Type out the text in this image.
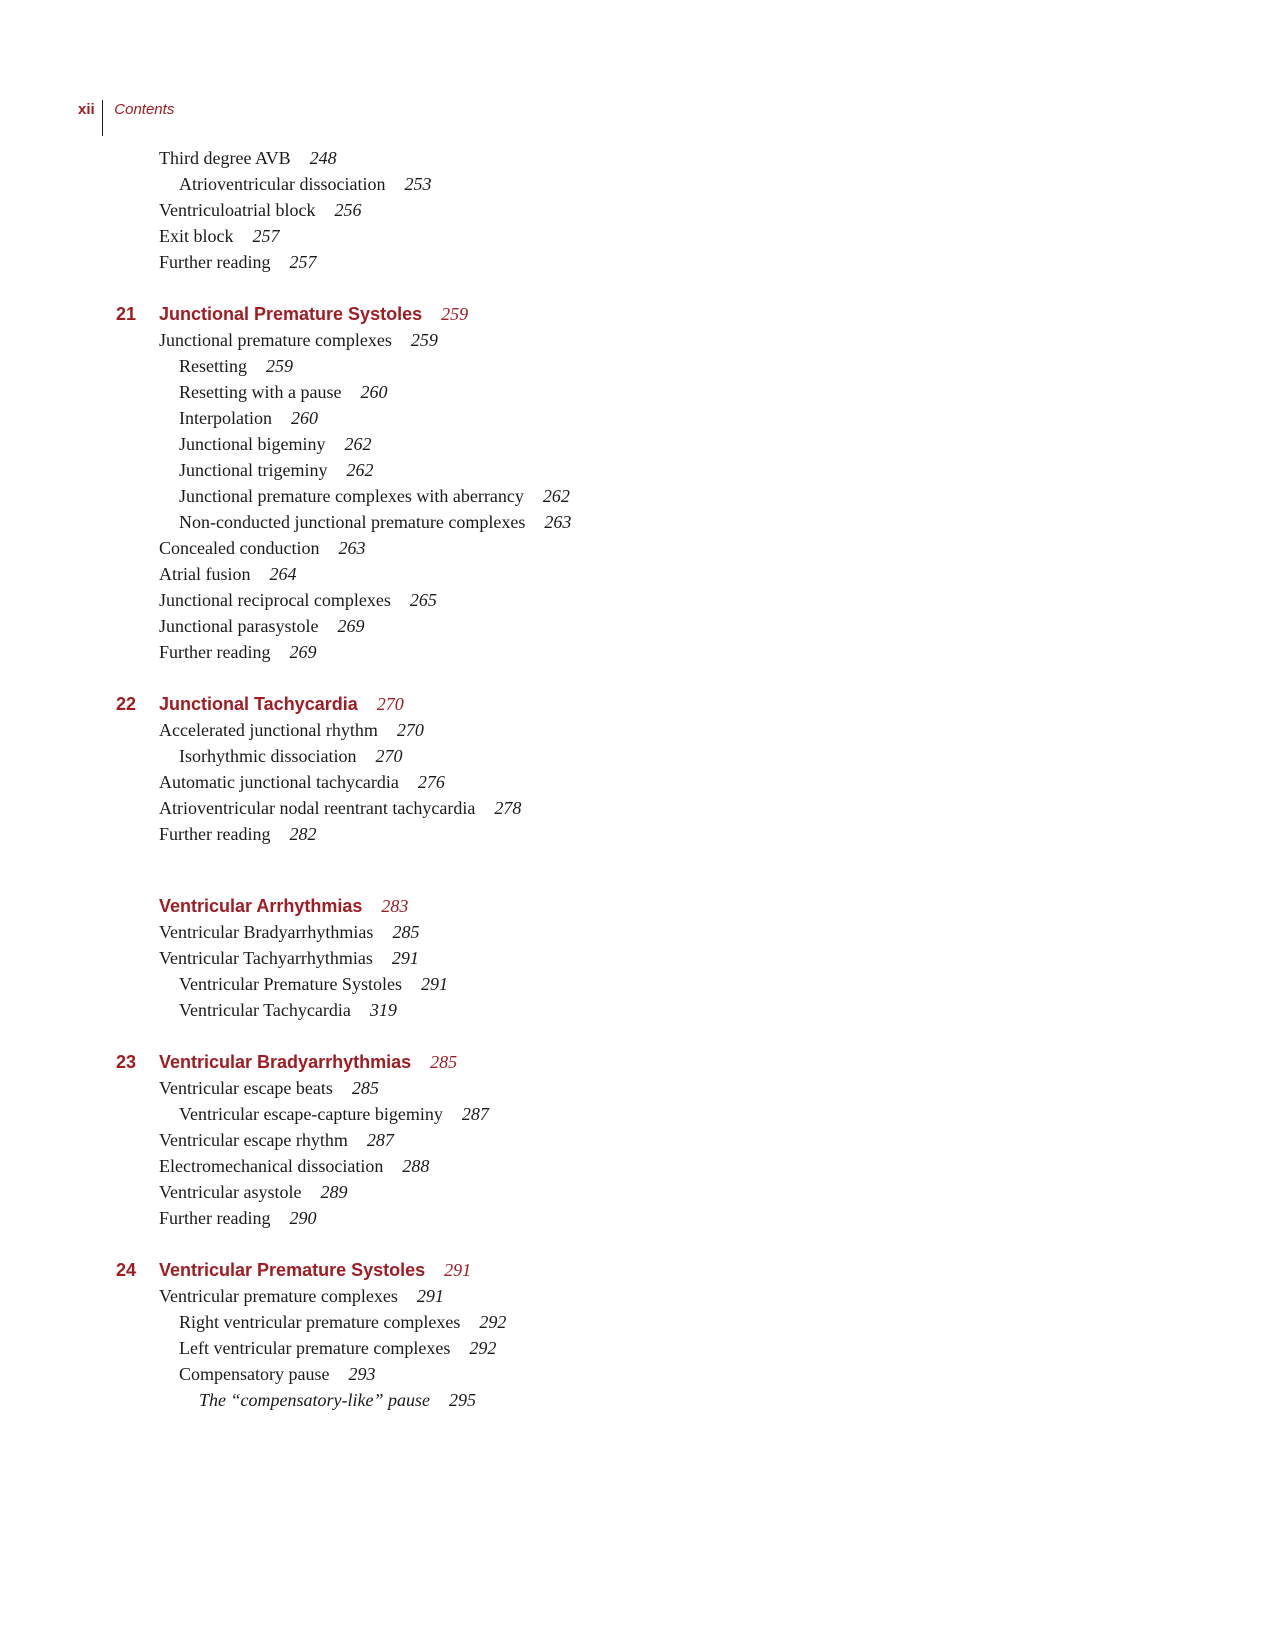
xii Contents
Third degree AVB 248
Atrioventricular dissociation 253
Ventriculoatrial block 256
Exit block 257
Further reading 257
21 Junctional Premature Systoles 259
Junctional premature complexes 259
Resetting 259
Resetting with a pause 260
Interpolation 260
Junctional bigeminy 262
Junctional trigeminy 262
Junctional premature complexes with aberrancy 262
Non-conducted junctional premature complexes 263
Concealed conduction 263
Atrial fusion 264
Junctional reciprocal complexes 265
Junctional parasystole 269
Further reading 269
22 Junctional Tachycardia 270
Accelerated junctional rhythm 270
Isorhythmic dissociation 270
Automatic junctional tachycardia 276
Atrioventricular nodal reentrant tachycardia 278
Further reading 282
Ventricular Arrhythmias 283
Ventricular Bradyarrhythmias 285
Ventricular Tachyarrhythmias 291
Ventricular Premature Systoles 291
Ventricular Tachycardia 319
23 Ventricular Bradyarrhythmias 285
Ventricular escape beats 285
Ventricular escape-capture bigeminy 287
Ventricular escape rhythm 287
Electromechanical dissociation 288
Ventricular asystole 289
Further reading 290
24 Ventricular Premature Systoles 291
Ventricular premature complexes 291
Right ventricular premature complexes 292
Left ventricular premature complexes 292
Compensatory pause 293
The “compensatory-like” pause 295
